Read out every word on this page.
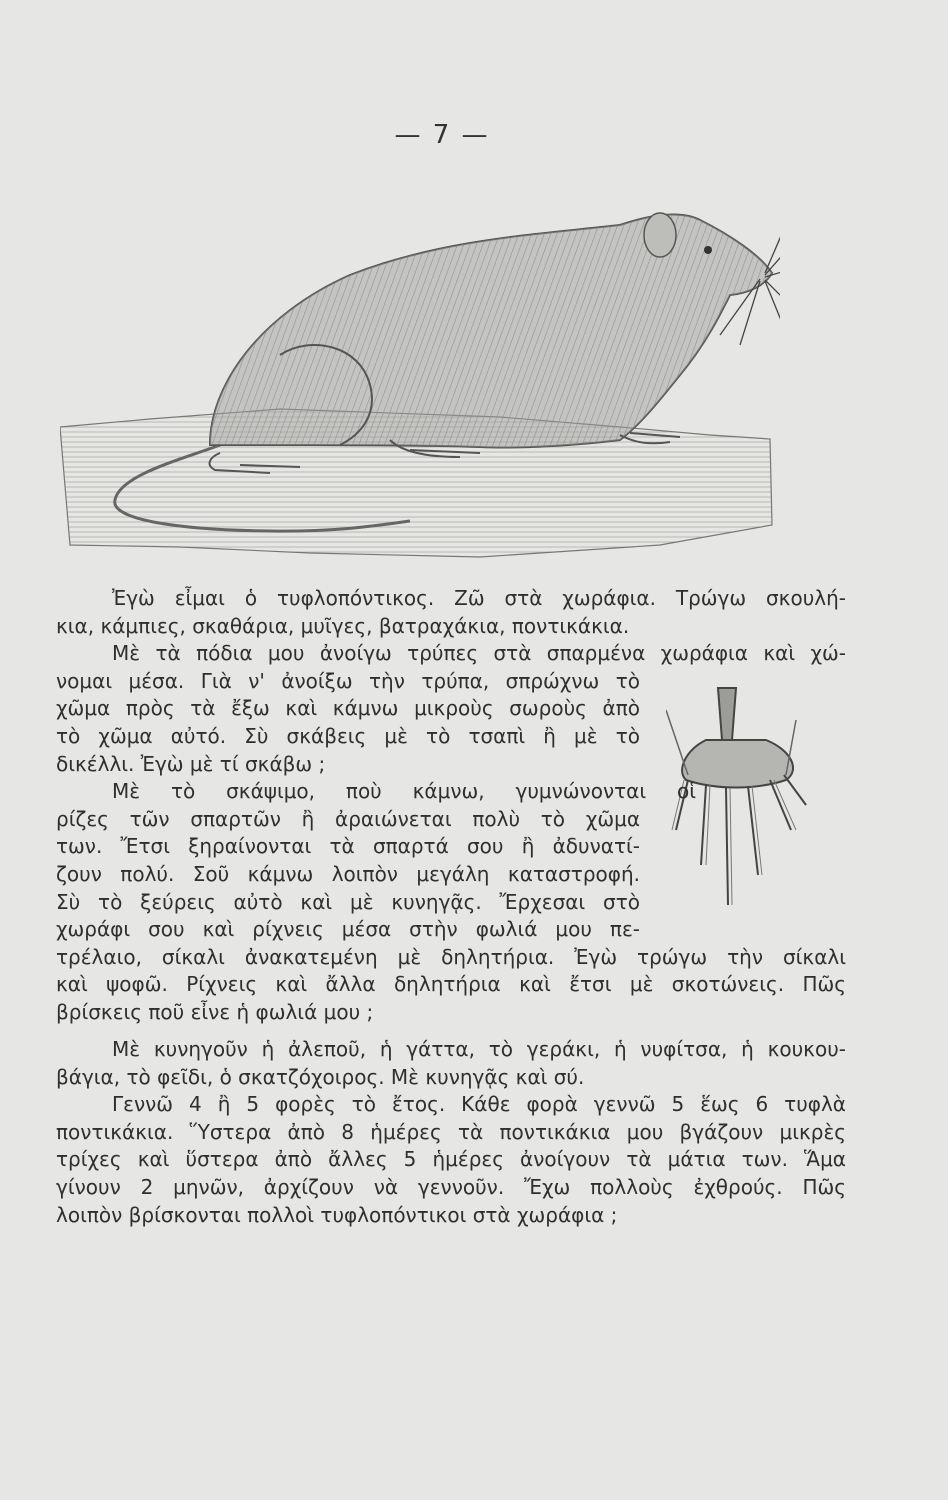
— 7 —
Ἐγὼ εἶμαι ὁ τυφλοπόντικος. Ζῶ στὰ χωράφια. Τρώγω σκουλή-
κια, κάμπιες, σκαθάρια, μυῖγες, βατραχάκια, ποντικάκια.
Μὲ τὰ πόδια μου ἀνοίγω τρύπες στὰ σπαρμένα χωράφια καὶ χώ-
νομαι μέσα. Γιὰ ν' ἀνοίξω τὴν τρύπα, σπρώχνω τὸ
χῶμα πρὸς τὰ ἔξω καὶ κάμνω μικροὺς σωροὺς ἀπὸ
τὸ χῶμα αὐτό. Σὺ σκάβεις μὲ τὸ τσαπὶ ἢ μὲ τὸ
δικέλλι. Ἐγὼ μὲ τί σκάβω ;
Μὲ τὸ σκάψιμο, ποὺ κάμνω, γυμνώνονται οἱ
ρίζες τῶν σπαρτῶν ἢ ἀραιώνεται πολὺ τὸ χῶμα
των. Ἔτσι ξηραίνονται τὰ σπαρτά σου ἢ ἀδυνατί-
ζουν πολύ. Σοῦ κάμνω λοιπὸν μεγάλη καταστροφή.
Σὺ τὸ ξεύρεις αὐτὸ καὶ μὲ κυνηγᾷς. Ἔρχεσαι στὸ
χωράφι σου καὶ ρίχνεις μέσα στὴν φωλιά μου πε-
τρέλαιο, σίκαλι ἀνακατεμένη μὲ δηλητήρια. Ἐγὼ τρώγω τὴν σίκαλι
καὶ ψοφῶ. Ρίχνεις καὶ ἄλλα δηλητήρια καὶ ἔτσι μὲ σκοτώνεις. Πῶς
βρίσκεις ποῦ εἶνε ἡ φωλιά μου ;
Μὲ κυνηγοῦν ἡ ἀλεποῦ, ἡ γάττα, τὸ γεράκι, ἡ νυφίτσα, ἡ κουκου-
βάγια, τὸ φεῖδι, ὁ σκατζόχοιρος. Μὲ κυνηγᾷς καὶ σύ.
Γεννῶ 4 ἢ 5 φορὲς τὸ ἔτος. Κάθε φορὰ γεννῶ 5 ἕως 6 τυφλὰ
ποντικάκια. Ὕστερα ἀπὸ 8 ἡμέρες τὰ ποντικάκια μου βγάζουν μικρὲς
τρίχες καὶ ὕστερα ἀπὸ ἄλλες 5 ἡμέρες ἀνοίγουν τὰ μάτια των. Ἅμα
γίνουν 2 μηνῶν, ἀρχίζουν νὰ γεννοῦν. Ἔχω πολλοὺς ἐχθρούς. Πῶς
λοιπὸν βρίσκονται πολλοὶ τυφλοπόντικοι στὰ χωράφια ;
